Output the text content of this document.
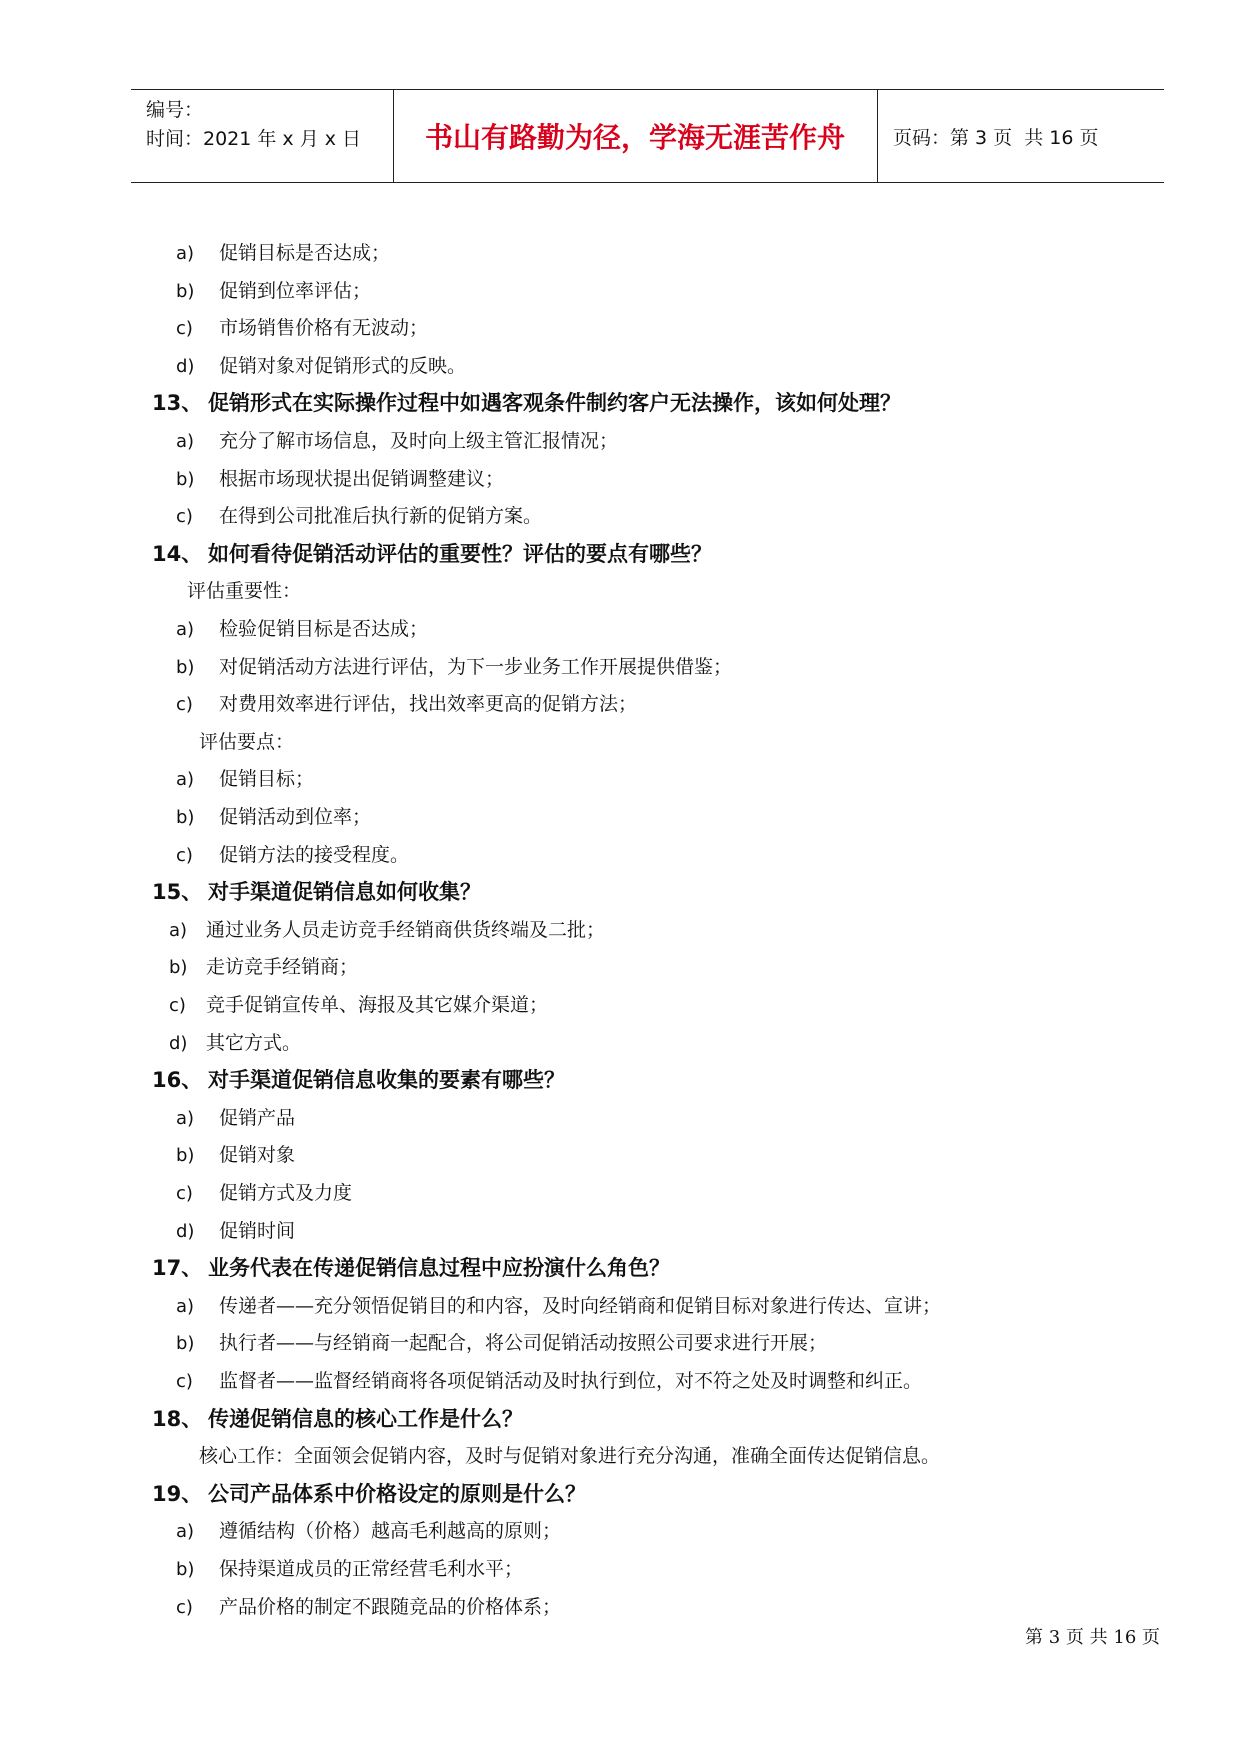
编号：
时间：2021 年 x 月 x 日	书山有路勤为径，学海无涯苦作舟	页码：第 3 页  共 16 页
a) 促销目标是否达成；
b) 促销到位率评估；
c) 市场销售价格有无波动；
d) 促销对象对促销形式的反映。
13、 促销形式在实际操作过程中如遇客观条件制约客户无法操作，该如何处理？
a) 充分了解市场信息，及时向上级主管汇报情况；
b) 根据市场现状提出促销调整建议；
c) 在得到公司批准后执行新的促销方案。
14、 如何看待促销活动评估的重要性？评估的要点有哪些？
评估重要性：
a) 检验促销目标是否达成；
b) 对促销活动方法进行评估，为下一步业务工作开展提供借鉴；
c) 对费用效率进行评估，找出效率更高的促销方法；
评估要点：
a) 促销目标；
b) 促销活动到位率；
c) 促销方法的接受程度。
15、 对手渠道促销信息如何收集？
a) 通过业务人员走访竞手经销商供货终端及二批；
b) 走访竞手经销商；
c) 竞手促销宣传单、海报及其它媒介渠道；
d) 其它方式。
16、 对手渠道促销信息收集的要素有哪些？
a) 促销产品
b) 促销对象
c) 促销方式及力度
d) 促销时间
17、 业务代表在传递促销信息过程中应扮演什么角色？
a) 传递者——充分领悟促销目的和内容，及时向经销商和促销目标对象进行传达、宣讲；
b) 执行者——与经销商一起配合，将公司促销活动按照公司要求进行开展；
c) 监督者——监督经销商将各项促销活动及时执行到位，对不符之处及时调整和纠正。
18、 传递促销信息的核心工作是什么？
核心工作：全面领会促销内容，及时与促销对象进行充分沟通，准确全面传达促销信息。
19、 公司产品体系中价格设定的原则是什么？
a) 遵循结构（价格）越高毛利越高的原则；
b) 保持渠道成员的正常经营毛利水平；
c) 产品价格的制定不跟随竞品的价格体系；
第 3 页 共 16 页
